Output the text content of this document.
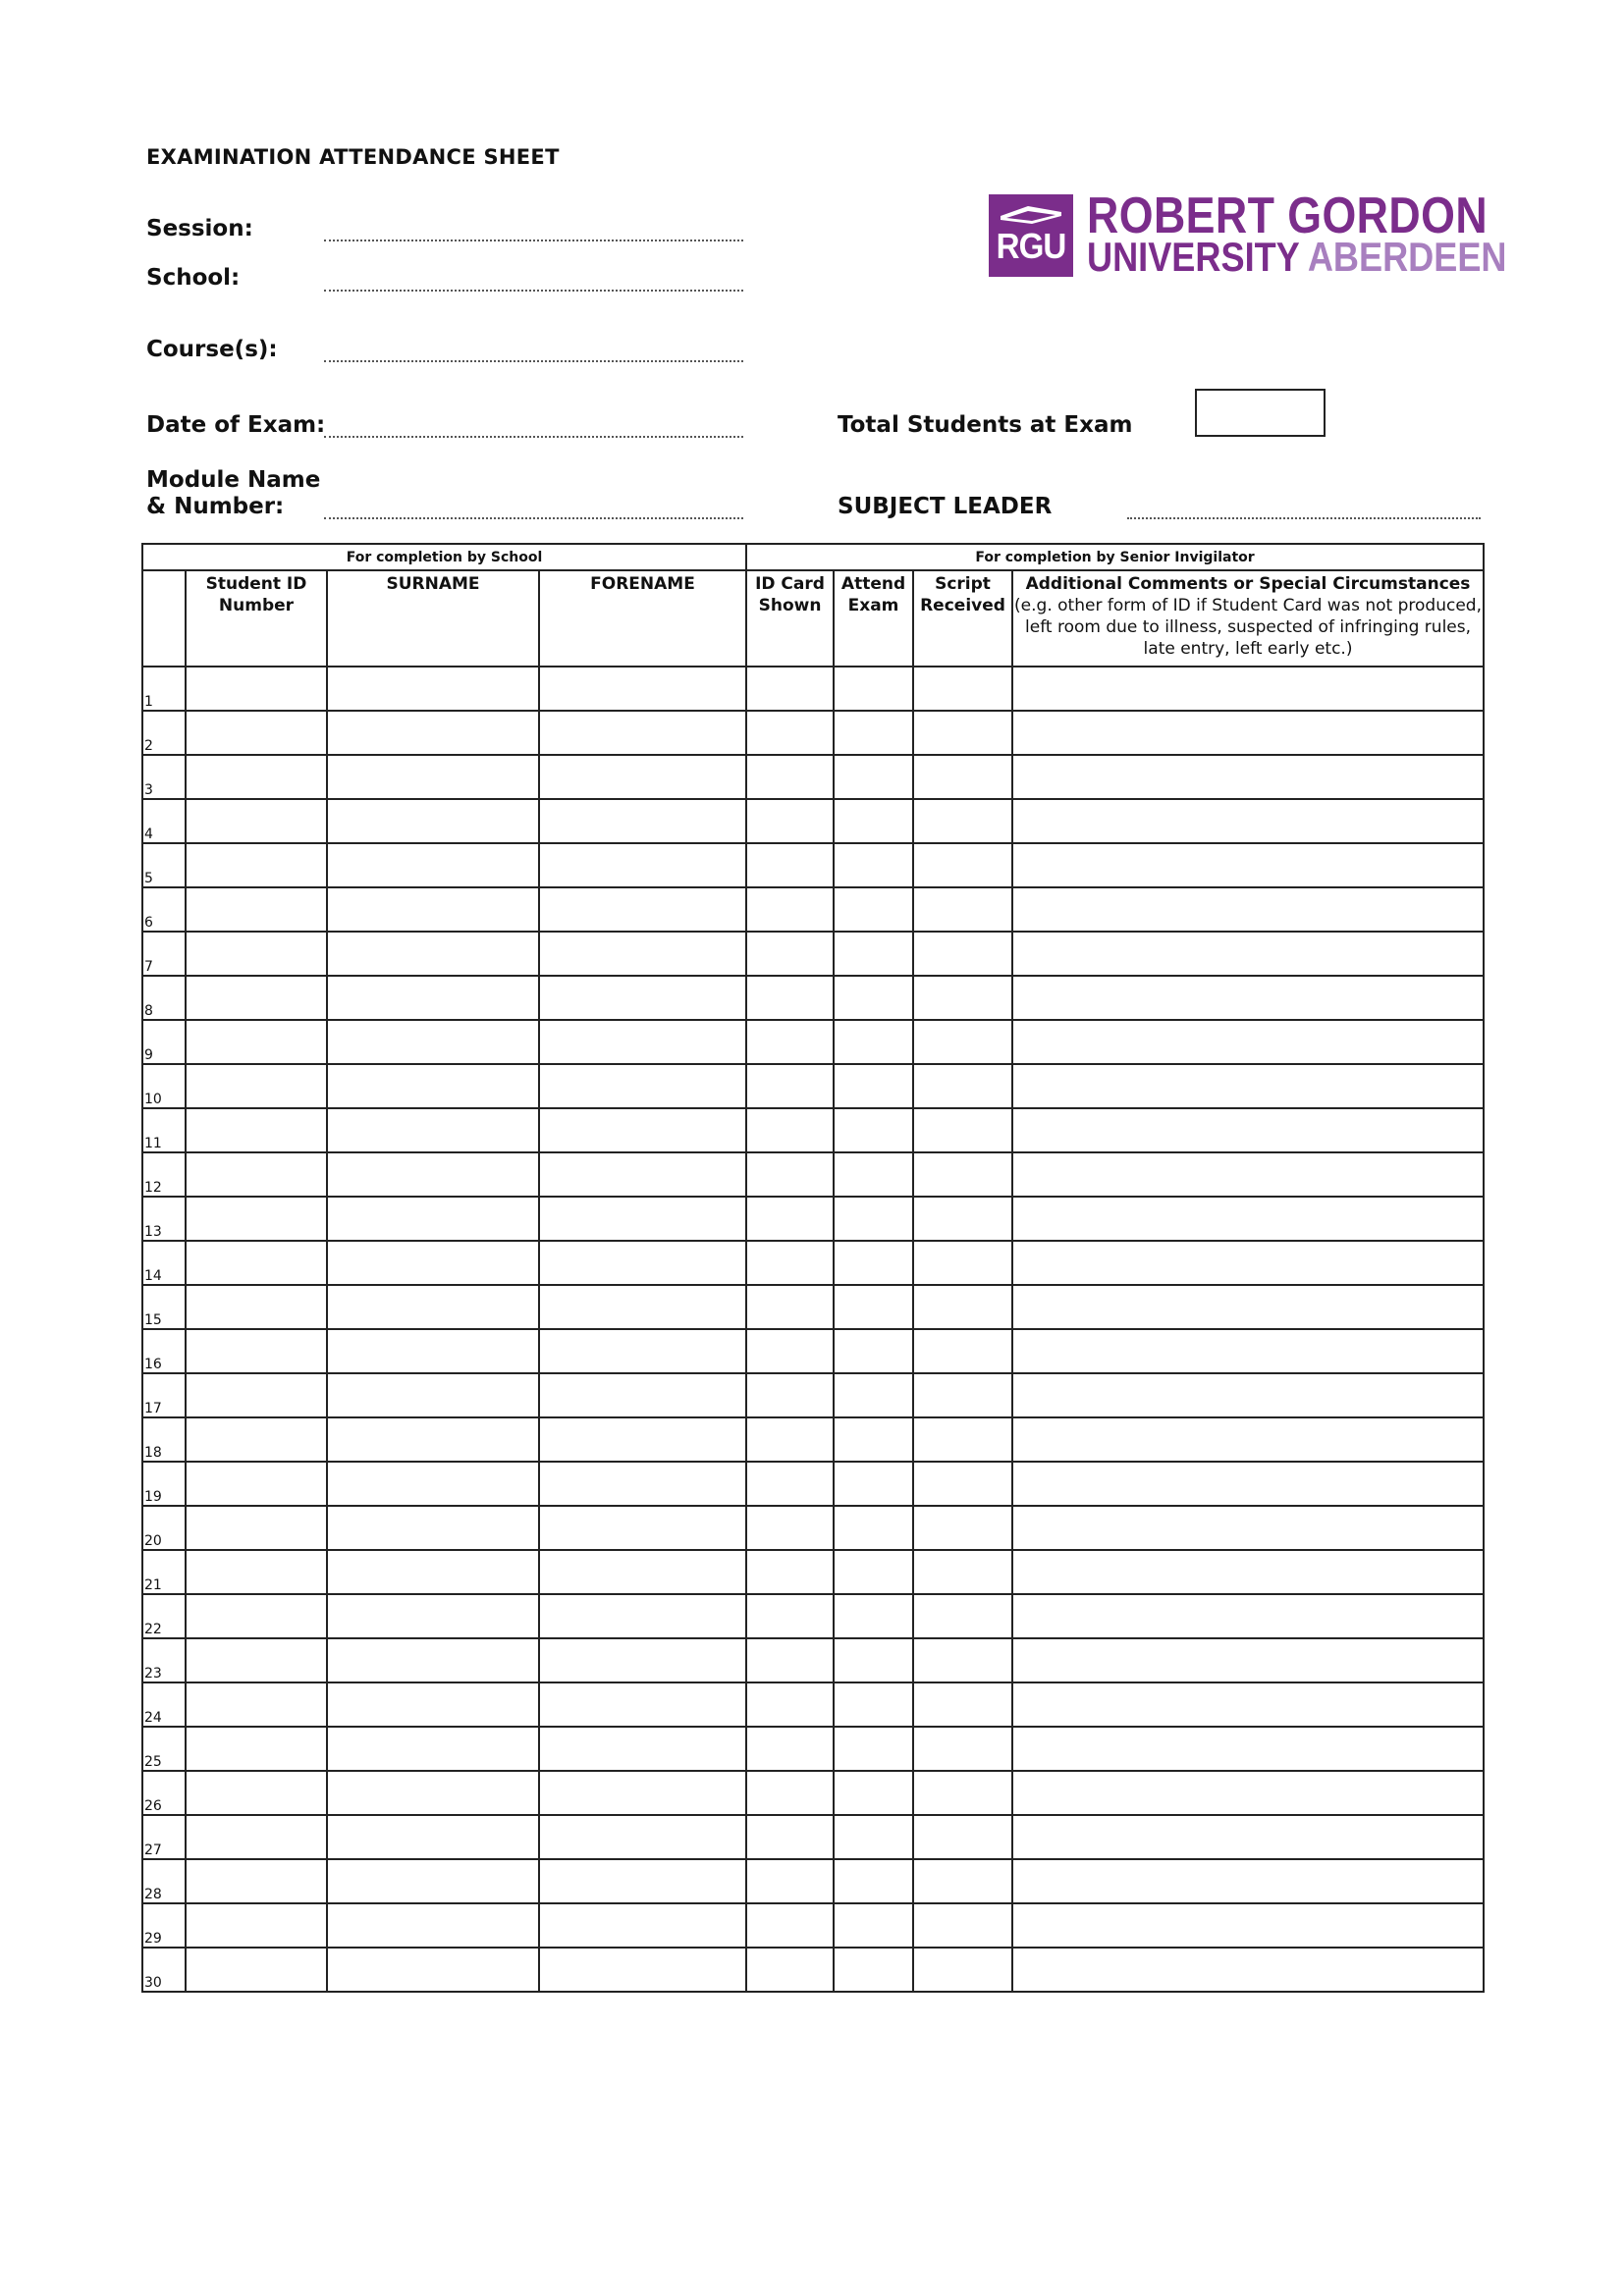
EXAMINATION ATTENDANCE SHEET
Session:
School:
Course(s):
Date of Exam:
Module Name
& Number:
Total Students at Exam
SUBJECT LEADER
RGU
ROBERT GORDON
UNIVERSITY ABERDEEN
For completion by School				For completion by Senior Invigilator			
	Student ID Number	SURNAME	FORENAME	ID Card Shown	Attend Exam	Script Received	Additional Comments or Special Circumstances
(e.g. other form of ID if Student Card was not produced, left room due to illness, suspected of infringing rules, late entry, left early etc.)
1							
2							
3							
4							
5							
6							
7							
8							
9							
10							
11							
12							
13							
14							
15							
16							
17							
18							
19							
20							
21							
22							
23							
24							
25							
26							
27							
28							
29							
30							
